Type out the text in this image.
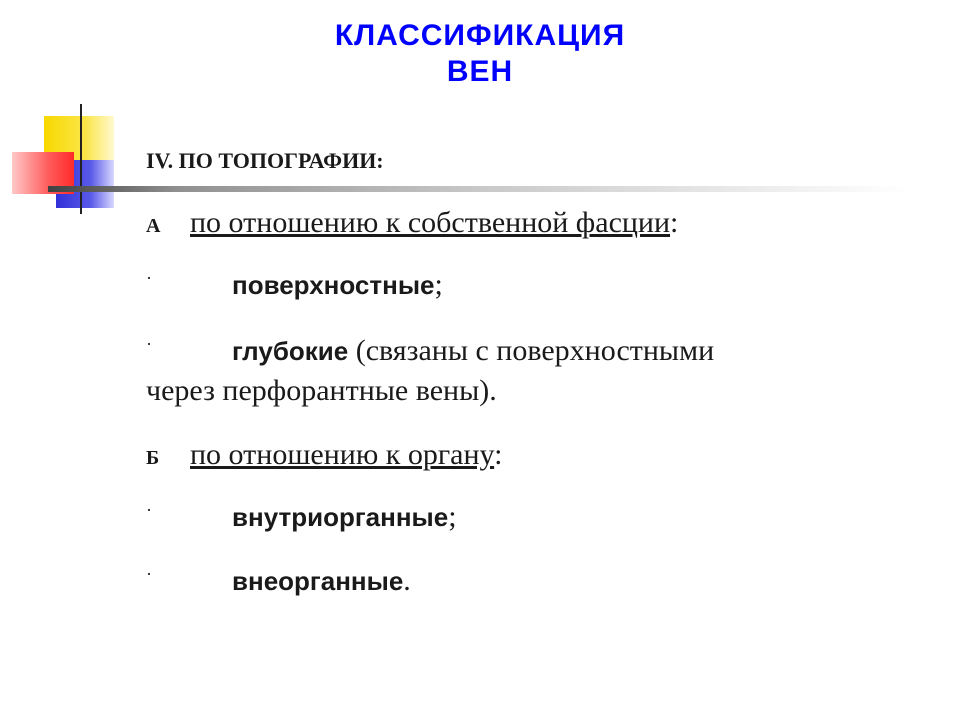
КЛАССИФИКАЦИЯ
ВЕН
IV. ПО ТОПОГРАФИИ:
А по отношению к собственной фасции:
·	поверхностные;
·	глубокие (связаны с поверхностными
через перфорантные вены).
Б по отношению к органу:
·	внутриорганные;
·	внеорганные.
